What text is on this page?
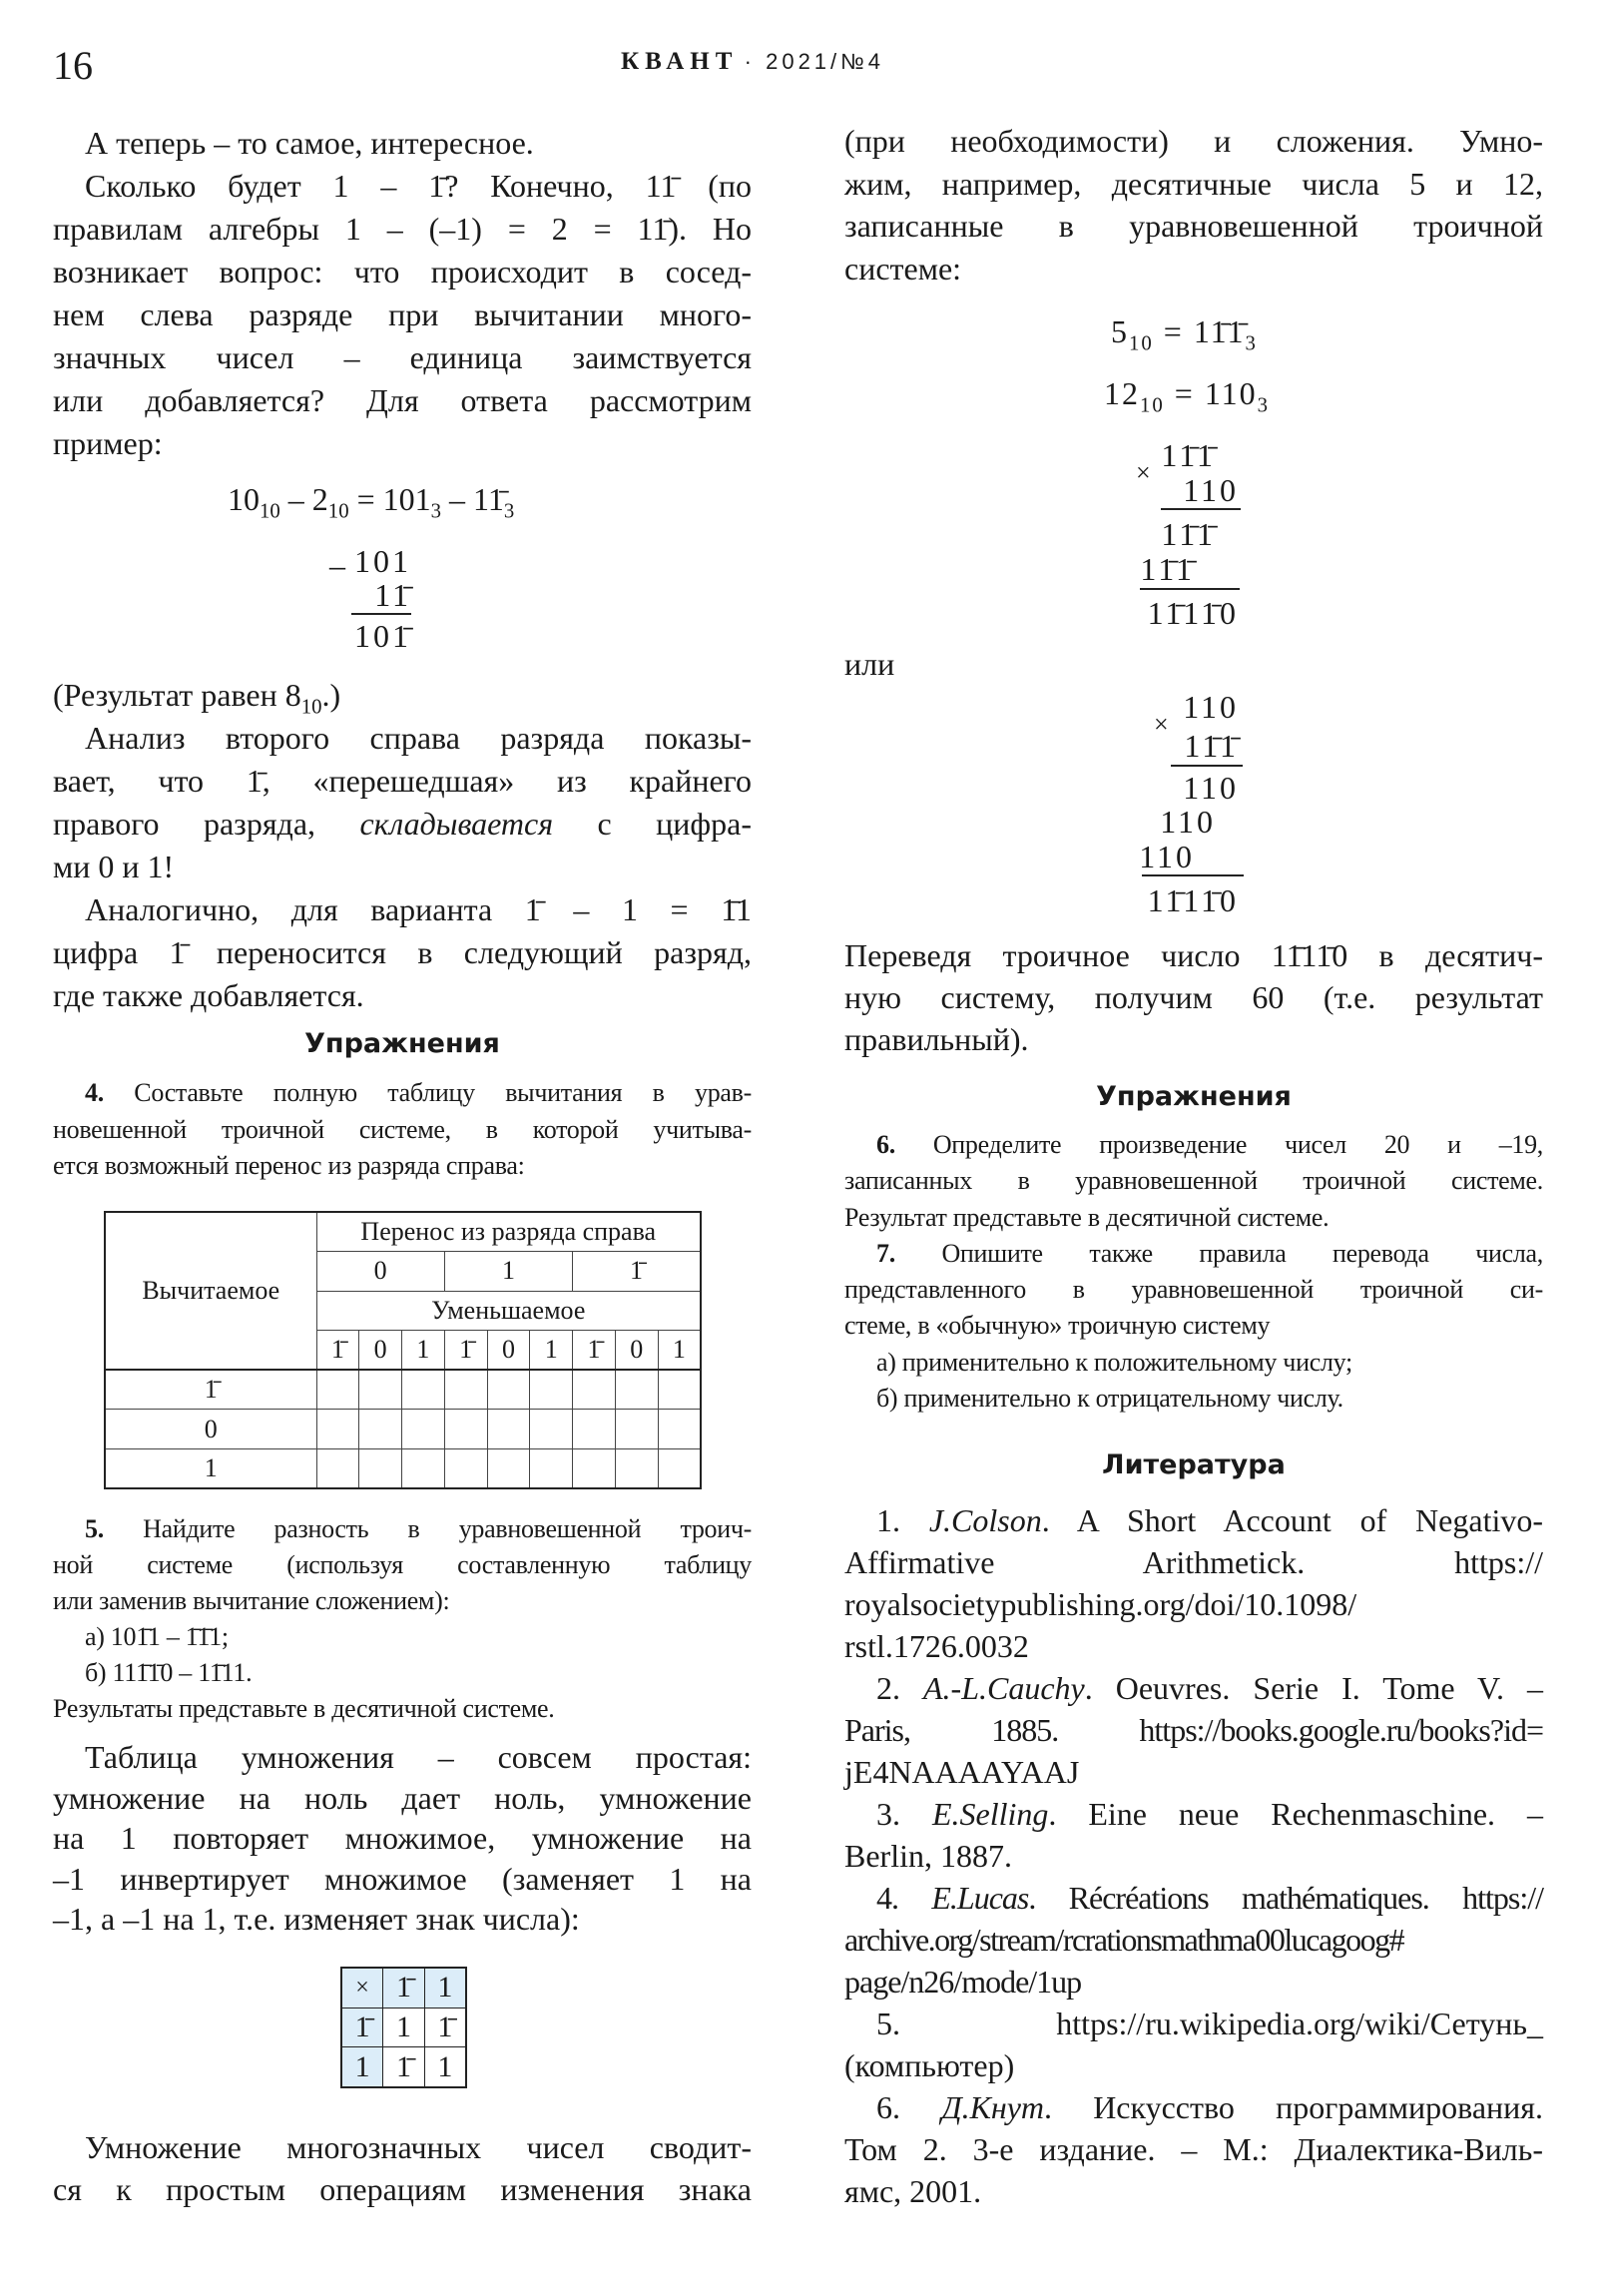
16	КВАНТ · 2021/№4
А теперь – то самое, интересное.
Сколько будет 1 – 1̄? Конечно, 11̄ (по
правилам алгебры 1 – (–1) = 2 = 11̄). Но
возникает вопрос: что происходит в сосед-
нем слева разряде при вычитании много-
значных чисел – единица заимствуется
или добавляется? Для ответа рассмотрим
пример:
$10_{10} - 2_{10} = 101_3$ – $11̄_3$
– 101
11̄
101̄
(Результат равен $8_{10}$.)
Анализ второго справа разряда показы-
вает, что 1̄, «перешедшая» из крайнего
правого разряда, складывается с цифра-
ми 0 и 1!
Аналогично, для варианта 1̄ – 1 = 1̄1
цифра 1̄ переносится в следующий разряд,
где также добавляется.
Упражнения
4. Составьте полную таблицу вычитания в урав-
новешенной троичной системе, в которой учитыва-
ется возможный перенос из разряда справа:
Вычитаемое	Перенос из разряда справа								
	0			1			1̄		
	Уменьшаемое								
	1̄	0	1	1̄	0	1	1̄	0	1
1̄									
0									
1									
5. Найдите разность в уравновешенной троич-
ной системе (используя составленную таблицу
или заменив вычитание сложением):
а) 101̄1 – 1̄1̄1;
б) 111̄1̄0 – 11̄11.
Результаты представьте в десятичной системе.
Таблица умножения – совсем простая:
умножение на ноль дает ноль, умножение
на 1 повторяет множимое, умножение на
–1 инвертирует множимое (заменяет 1 на
–1, а –1 на 1, т.е. изменяет знак числа):
×	1̄	1
1̄	1	1̄
1	1̄	1
Умножение многозначных чисел сводит-
ся к простым операциям изменения знака
(при необходимости) и сложения. Умно-
жим, например, десятичные числа 5 и 12,
записанные в уравновешенной троичной
системе:
$5_{10}$ = $11̄1̄_3$
$12_{10} = 110_3$
× 11̄1̄
110
11̄1̄
11̄1̄
11̄11̄0
или
× 110
11̄1̄
110
110
110
11̄11̄0
Переведя троичное число 11̄11̄0 в десятич-
ную систему, получим 60 (т.е. результат
правильный).
Упражнения
6. Определите произведение чисел 20 и –19,
записанных в уравновешенной троичной системе.
Результат представьте в десятичной системе.
7. Опишите также правила перевода числа,
представленного в уравновешенной троичной си-
стеме, в «обычную» троичную систему
а) применительно к положительному числу;
б) применительно к отрицательному числу.
Литература
1. J.Colson. A Short Account of Negativo-
Affirmative Arithmetick. https://
royalsocietypublishing.org/doi/10.1098/
rstl.1726.0032
2. A.-L.Cauchy. Oeuvres. Serie I. Tome V. –
Paris, 1885. https://books.google.ru/books?id=
jE4NAAAAYAAJ
3. E.Selling. Eine neue Rechenmaschine. –
Berlin, 1887.
4. E.Lucas. Récréations mathématiques. https://
archive.org/stream/rcrationsmathma00lucagoog#
page/n26/mode/1up
5. https://ru.wikipedia.org/wiki/Сетунь_
(компьютер)
6. Д.Кнут. Искусство программирования.
Том 2. 3-е издание. – М.: Диалектика-Виль-
ямс, 2001.
